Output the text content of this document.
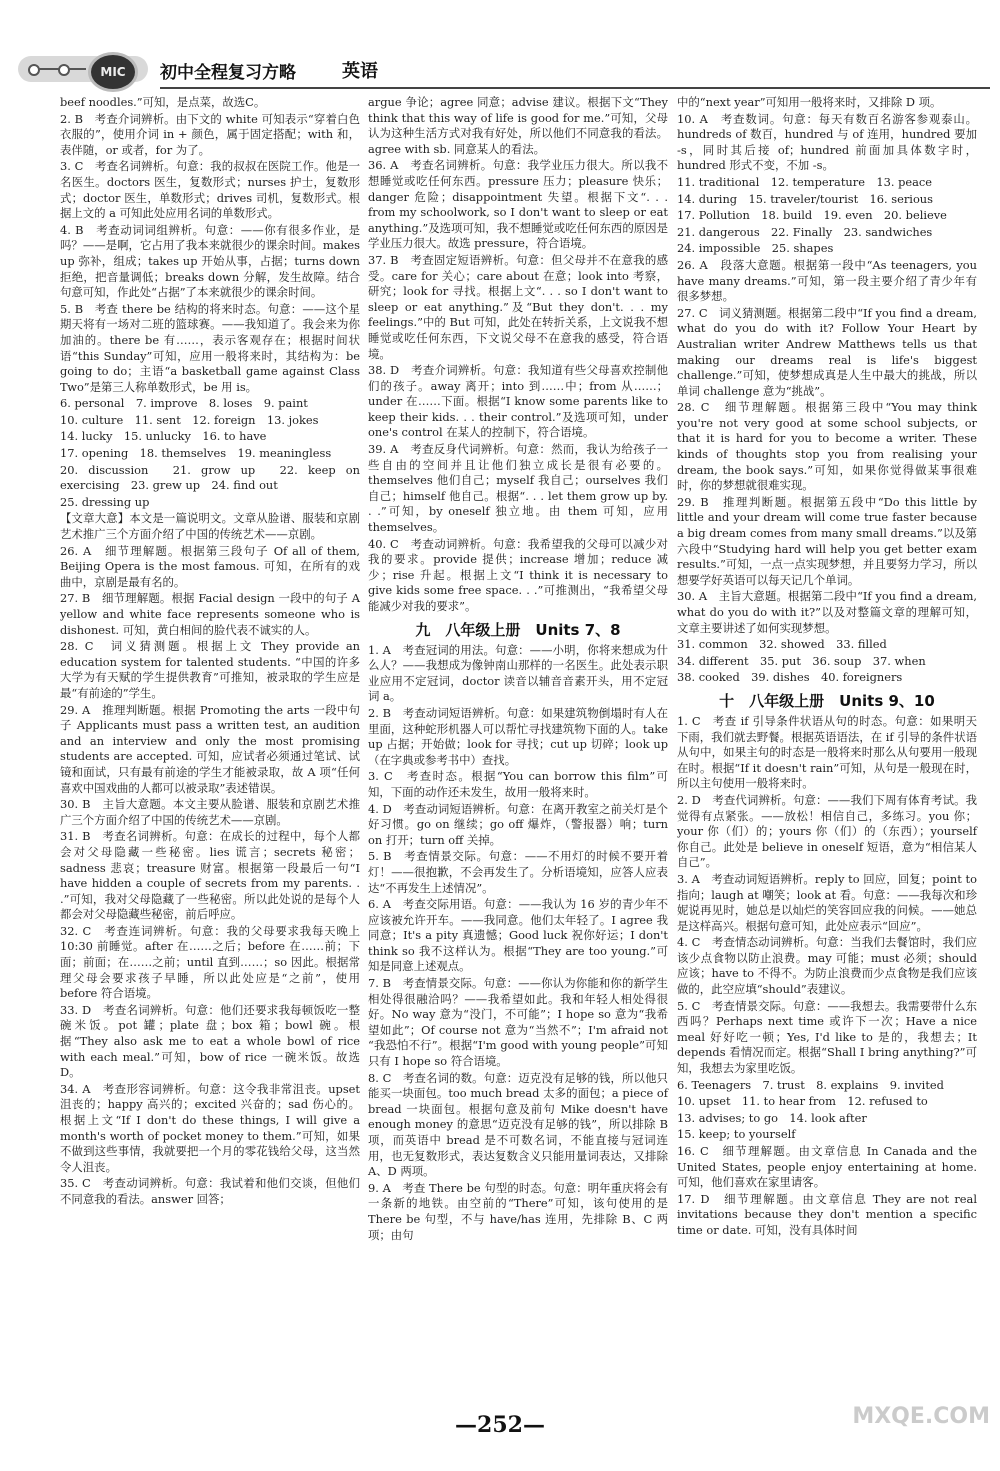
MIC	初中全程复习方略	英语
beef noodles.”可知，是点菜，故选C。
2. B　考查介词辨析。由下文的 white 可知表示“穿着白色衣服的”，使用介词 in + 颜色，属于固定搭配；with 和，表伴随，or 或者，for 为了。
3. C　考查名词辨析。句意：我的叔叔在医院工作。他是一名医生。doctors 医生，复数形式；nurses 护士，复数形式；doctor 医生，单数形式；drives 司机，复数形式。根据上文的 a 可知此处应用名词的单数形式。
4. B　考查动词词组辨析。句意：——你有很多作业，是吗？——是啊，它占用了我本来就很少的课余时间。makes up 弥补，组成；takes up 开始从事，占据；turns down 拒绝，把音量调低；breaks down 分解，发生故障。结合句意可知，作此处“占据”了本来就很少的课余时间。
5. B　考查 there be 结构的将来时态。句意：——这个星期天将有一场对二班的篮球赛。——我知道了。我会来为你加油的。there be 有……，表示客观存在；根据时间状语“this Sunday”可知，应用一般将来时，其结构为：be going to do；主语“a basketball game against Class Two”是第三人称单数形式，be 用 is。
6. personal　7. improve　8. loses　9. paint
10. culture　11. sent　12. foreign　13. jokes
14. lucky　15. unlucky　16. to have
17. opening　18. themselves　19. meaningless
20. discussion　21. grow up　22. keep on exercising　23. grew up　24. find out
25. dressing up
【文章大意】本文是一篇说明文。文章从脸谱、服装和京剧艺术推广三个方面介绍了中国的传统艺术——京剧。
26. A　细节理解题。根据第三段句子 Of all of them, Beijing Opera is the most famous. 可知，在所有的戏曲中，京剧是最有名的。
27. B　细节理解题。根据 Facial design 一段中的句子 A yellow and white face represents someone who is dishonest. 可知，黄白相间的脸代表不诚实的人。
28. C　词义猜测题。根据上文 They provide an education system for talented students. “中国的许多大学为有天赋的学生提供教育”可推知，被录取的学生应是最“有前途的”学生。
29. A　推理判断题。根据 Promoting the arts 一段中句子 Applicants must pass a written test, an audition and an interview and only the most promising students are accepted. 可知，应试者必须通过笔试、试镜和面试，只有最有前途的学生才能被录取，故 A 项“任何喜欢中国戏曲的人都可以被录取”表述错误。
30. B　主旨大意题。本文主要从脸谱、服装和京剧艺术推广三个方面介绍了中国的传统艺术——京剧。
31. B　考查名词辨析。句意：在成长的过程中，每个人都会对父母隐藏一些秘密。lies 谎言；secrets 秘密；sadness 悲哀；treasure 财富。根据第一段最后一句“I have hidden a couple of secrets from my parents. . .”可知，我对父母隐藏了一些秘密。所以此处说的是每个人都会对父母隐藏些秘密，前后呼应。
32. C　考查连词辨析。句意：我的父母要求我每天晚上 10:30 前睡觉。after 在……之后；before 在……前；下面；前面；在……之前；until 直到……；so 因此。根据常理父母会要求孩子早睡，所以此处应是“之前”，使用 before 符合语境。
33. D　考查名词辨析。句意：他们还要求我每顿饭吃一整碗米饭。pot 罐；plate 盘；box 箱；bowl 碗。根据“They also ask me to eat a whole bowl of rice with each meal.”可知，bow of rice 一碗米饭。故选 D。
34. A　考查形容词辨析。句意：这令我非常沮丧。upset 沮丧的；happy 高兴的；excited 兴奋的；sad 伤心的。根据上文“If I don't do these things, I will give a month's worth of pocket money to them.”可知，如果不做到这些事情，我就要把一个月的零花钱给父母，这当然令人沮丧。
35. C　考查动词辨析。句意：我试着和他们交谈，但他们不同意我的看法。answer 回答；
argue 争论；agree 同意；advise 建议。根据下文“They think that this way of life is good for me.”可知，父母认为这种生活方式对我有好处，所以他们不同意我的看法。agree with sb. 同意某人的看法。
36. A　考查名词辨析。句意：我学业压力很大。所以我不想睡觉或吃任何东西。pressure 压力；pleasure 快乐；danger 危险；disappointment 失望。根据下文“. . . from my schoolwork, so I don't want to sleep or eat anything.”及选项可知，我不想睡觉或吃任何东西的原因是学业压力很大。故选 pressure，符合语境。
37. B　考查固定短语辨析。句意：但父母并不在意我的感受。care for 关心；care about 在意；look into 考察，研究；look for 寻找。根据上文“. . . so I don't want to sleep or eat anything.”及“But they don't. . . my feelings.”中的 But 可知，此处在转折关系，上文说我不想睡觉或吃任何东西，下文说父母不在意我的感受，符合语境。
38. D　考查介词辨析。句意：我知道有些父母喜欢控制他们的孩子。away 离开；into 到……中；from 从……；under 在……下面。根据“I know some parents like to keep their kids. . . their control.”及选项可知，under one's control 在某人的控制下，符合语境。
39. A　考查反身代词辨析。句意：然而，我认为给孩子一些自由的空间并且让他们独立成长是很有必要的。themselves 他们自己；myself 我自己；ourselves 我们自己；himself 他自己。根据“. . . let them grow up by. . .”可知，by oneself 独立地。由 them 可知，应用 themselves。
40. C　考查动词辨析。句意：我希望我的父母可以减少对我的要求。provide 提供；increase 增加；reduce 减少；rise 升起。根据上文“I think it is necessary to give kids some free space. . .”可推测出，“我希望父母能减少对我的要求”。
九　八年级上册　Units 7、8
1. A　考查冠词的用法。句意：——小明，你将来想成为什么人？——我想成为像钟南山那样的一名医生。此处表示职业应用不定冠词，doctor 读音以辅音音素开头，用不定冠词 a。
2. B　考查动词短语辨析。句意：如果建筑物倒塌时有人在里面，这种蛇形机器人可以帮忙寻找建筑物下面的人。take up 占据；开始做；look for 寻找；cut up 切碎；look up（在字典或参考书中）查找。
3. C　考查时态。根据“You can borrow this film”可知，下面的动作还未发生，故用一般将来时。
4. D　考查动词短语辨析。句意：在离开教室之前关灯是个好习惯。go on 继续；go off 爆炸，（警报器）响；turn on 打开；turn off 关掉。
5. B　考查情景交际。句意：——不用灯的时候不要开着灯！——很抱歉，不会再发生了。分析语境知，应答人应表达“不再发生上述情况”。
6. A　考查交际用语。句意：——我认为 16 岁的青少年不应该被允许开车。——我同意。他们太年轻了。I agree 我同意；It's a pity 真遗憾；Good luck 祝你好运；I don't think so 我不这样认为。根据“They are too young.”可知是同意上述观点。
7. B　考查情景交际。句意：——你认为你能和你的新学生相处得很融洽吗？——我希望如此。我和年轻人相处得很好。No way 意为“没门，不可能”；I hope so 意为“我希望如此”；Of course not 意为“当然不”；I'm afraid not “我恐怕不行”。根据“I'm good with young people”可知只有 I hope so 符合语境。
8. C　考查名词的数。句意：迈克没有足够的钱，所以他只能买一块面包。too much bread 太多的面包；a piece of bread 一块面包。根据句意及前句 Mike doesn't have enough money 的意思“迈克没有足够的钱”，所以排除 B 项，而英语中 bread 是不可数名词，不能直接与冠词连用，也无复数形式，表达复数含义只能用量词表达，又排除 A、D 两项。
9. A　考查 There be 句型的时态。句意：明年重庆将会有一条新的地铁。由空前的“There”可知，该句使用的是 There be 句型，不与 have/has 连用，先排除 B、C 两项；由句
中的“next year”可知用一般将来时，又排除 D 项。
10. A　考查数词。句意：每天有数百名游客参观泰山。hundreds of 数百，hundred 与 of 连用，hundred 要加 -s，同时其后接 of；hundred 前面加具体数字时，hundred 形式不变，不加 -s。
11. traditional　12. temperature　13. peace
14. during　15. traveler/tourist　16. serious
17. Pollution　18. build　19. even　20. believe
21. dangerous　22. Finally　23. sandwiches
24. impossible　25. shapes
26. A　段落大意题。根据第一段中“As teenagers, you have many dreams.”可知，第一段主要介绍了青少年有很多梦想。
27. C　词义猜测题。根据第二段中“If you find a dream, what do you do with it? Follow Your Heart by Australian writer Andrew Matthews tells us that making our dreams real is life's biggest challenge.”可知，使梦想成真是人生中最大的挑战，所以单词 challenge 意为“挑战”。
28. C　细节理解题。根据第三段中“You may think you're not very good at some school subjects, or that it is hard for you to become a writer. These kinds of thoughts stop you from realising your dream, the book says.”可知，如果你觉得做某事很难时，你的梦想就很难实现。
29. B　推理判断题。根据第五段中“Do this little by little and your dream will come true faster because a big dream comes from many small dreams.”以及第六段中“Studying hard will help you get better exam results.”可知，一点一点实现梦想，并且要努力学习，所以想要学好英语可以每天记几个单词。
30. A　主旨大意题。根据第二段中“If you find a dream, what do you do with it?”以及对整篇文章的理解可知，文章主要讲述了如何实现梦想。
31. common　32. showed　33. filled
34. different　35. put　36. soup　37. when
38. cooked　39. dishes　40. foreigners
十　八年级上册　Units 9、10
1. C　考查 if 引导条件状语从句的时态。句意：如果明天下雨，我们就去野餐。根据英语语法，在 if 引导的条件状语从句中，如果主句的时态是一般将来时那么从句要用一般现在时。根据“If it doesn't rain”可知，从句是一般现在时，所以主句使用一般将来时。
2. D　考查代词辨析。句意：——我们下周有体育考试。我觉得有点紧张。——放松！相信自己，多练习。you 你；your 你（们）的；yours 你（们）的（东西）；yourself 你自己。此处是 believe in oneself 短语，意为“相信某人自己”。
3. A　考查动词短语辨析。reply to 回应，回复；point to 指向；laugh at 嘲笑；look at 看。句意：——我每次和珍妮说再见时，她总是以灿烂的笑容回应我的问候。——她总是这样高兴。根据句意可知，此处应表示“回应”。
4. C　考查情态动词辨析。句意：当我们去餐馆时，我们应该少点食物以防止浪费。may 可能；must 必须；should 应该；have to 不得不。为防止浪费而少点食物是我们应该做的，此空应填“should”表建议。
5. C　考查情景交际。句意：——我想去。我需要带什么东西吗？Perhaps next time 或许下一次；Have a nice meal 好好吃一顿；Yes, I'd like to 是的，我想去；It depends 看情况而定。根据“Shall I bring anything?”可知，我想去为家里吃饭。
6. Teenagers　7. trust　8. explains　9. invited
10. upset　11. to hear from　12. refused to
13. advises; to go　14. look after
15. keep; to yourself
16. C　细节理解题。由文章信息 In Canada and the United States, people enjoy entertaining at home. 可知，他们喜欢在家里请客。
17. D　细节理解题。由文章信息 They are not real invitations because they don't mention a specific time or date. 可知，没有具体时间
—252—	MXQE.COM
